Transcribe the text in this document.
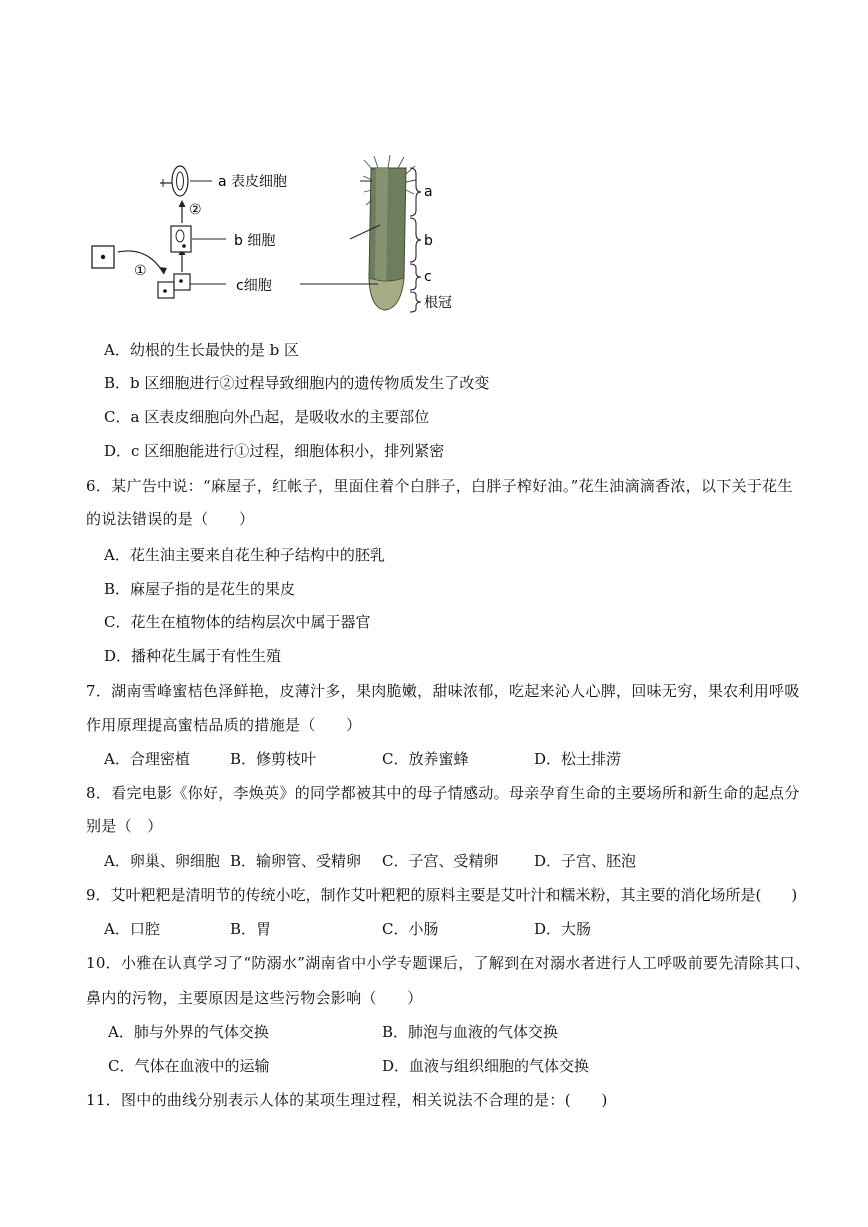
①
②
a 表皮细胞
b 细胞
c细胞
a
b
c
根冠
A．幼根的生长最快的是 b 区
B．b 区细胞进行②过程导致细胞内的遗传物质发生了改变
C．a 区表皮细胞向外凸起，是吸收水的主要部位
D．c 区细胞能进行①过程，细胞体积小，排列紧密
6．某广告中说：“麻屋子，红帐子，里面住着个白胖子，白胖子榨好油。”花生油滴滴香浓，以下关于花生
的说法错误的是（　　）
A．花生油主要来自花生种子结构中的胚乳
B．麻屋子指的是花生的果皮
C．花生在植物体的结构层次中属于器官
D．播种花生属于有性生殖
7．湖南雪峰蜜桔色泽鲜艳，皮薄汁多，果肉脆嫩，甜味浓郁，吃起来沁人心脾，回味无穷，果农利用呼吸
作用原理提高蜜桔品质的措施是（　　）
A．合理密植	B．修剪枝叶	C．放养蜜蜂	D．松土排涝
8．看完电影《你好，李焕英》的同学都被其中的母子情感动。母亲孕育生命的主要场所和新生命的起点分
别是（　）
A．卵巢、卵细胞 B．输卵管、受精卵 C．子宫、受精卵 D．子宫、胚泡
9．艾叶粑粑是清明节的传统小吃，制作艾叶粑粑的原料主要是艾叶汁和糯米粉，其主要的消化场所是(　　)
A．口腔	B．胃	C．小肠	D．大肠
10．小雅在认真学习了“防溺水”湖南省中小学专题课后，了解到在对溺水者进行人工呼吸前要先清除其口、
鼻内的污物，主要原因是这些污物会影响（　　）
A．肺与外界的气体交换	B．肺泡与血液的气体交换
C．气体在血液中的运输	D．血液与组织细胞的气体交换
11．图中的曲线分别表示人体的某项生理过程，相关说法不合理的是：(　　)
